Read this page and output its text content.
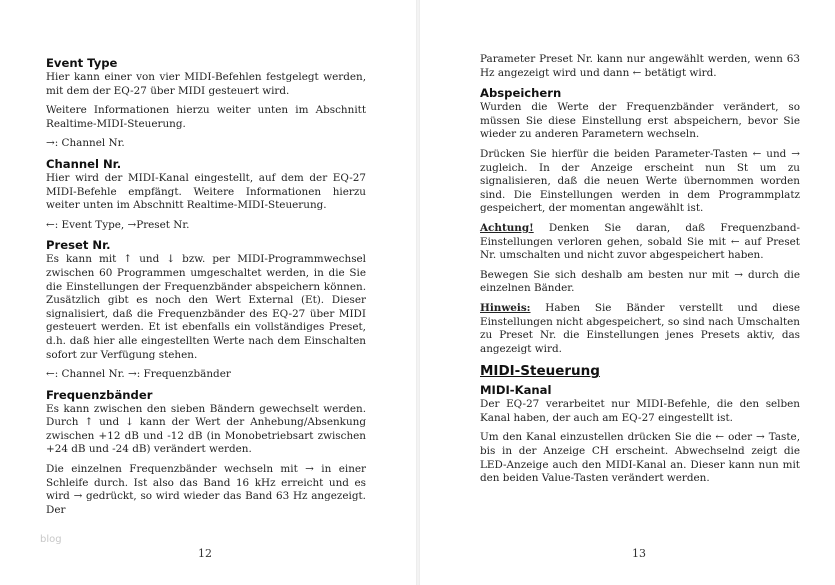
Event Type

Hier kann einer von vier MIDI-Befehlen festgelegt werden, mit dem der EQ-27 über MIDI gesteuert wird.

Weitere Informationen hierzu weiter unten im Abschnitt Realtime-MIDI-Steuerung.

→: Channel Nr.

Channel Nr.

Hier wird der MIDI-Kanal eingestellt, auf dem der EQ-27 MIDI-Befehle empfängt. Weitere Informationen hierzu weiter unten im Abschnitt Realtime-MIDI-Steuerung.

←: Event Type, →Preset Nr.

Preset Nr.

Es kann mit ↑ und ↓ bzw. per MIDI-Programmwechsel zwischen 60 Programmen umgeschaltet werden, in die Sie die Einstellungen der Frequenzbänder abspeichern können. Zusätzlich gibt es noch den Wert External (Et). Dieser signalisiert, daß die Frequenzbänder des EQ-27 über MIDI gesteuert werden. Et ist ebenfalls ein vollständiges Preset, d.h. daß hier alle eingestellten Werte nach dem Einschalten sofort zur Verfügung stehen.

←: Channel Nr. →: Frequenzbänder

Frequenzbänder

Es kann zwischen den sieben Bändern gewechselt werden. Durch ↑ und ↓ kann der Wert der Anhebung/Absenkung zwischen +12 dB und -12 dB (in Monobetriebsart zwischen +24 dB und -24 dB) verändert werden.

Die einzelnen Frequenzbänder wechseln mit → in einer Schleife durch. Ist also das Band 16 kHz erreicht und es wird → gedrückt, so wird wieder das Band 63 Hz angezeigt. Der

blog
12

Parameter Preset Nr. kann nur angewählt werden, wenn 63 Hz angezeigt wird und dann ← betätigt wird.

Abspeichern

Wurden die Werte der Frequenzbänder verändert, so müssen Sie diese Einstellung erst abspeichern, bevor Sie wieder zu anderen Parametern wechseln.

Drücken Sie hierfür die beiden Parameter-Tasten ← und → zugleich. In der Anzeige erscheint nun St um zu signalisieren, daß die neuen Werte übernommen worden sind. Die Einstellungen werden in dem Programmplatz gespeichert, der momentan angewählt ist.

Achtung! Denken Sie daran, daß Frequenzband-Einstellungen verloren gehen, sobald Sie mit ← auf Preset Nr. umschalten und nicht zuvor abgespeichert haben.

Bewegen Sie sich deshalb am besten nur mit → durch die einzelnen Bänder.

Hinweis: Haben Sie Bänder verstellt und diese Einstellungen nicht abgespeichert, so sind nach Umschalten zu Preset Nr. die Einstellungen jenes Presets aktiv, das angezeigt wird.

MIDI-Steuerung
MIDI-Kanal

Der EQ-27 verarbeitet nur MIDI-Befehle, die den selben Kanal haben, der auch am EQ-27 eingestellt ist.

Um den Kanal einzustellen drücken Sie die ← oder → Taste, bis in der Anzeige CH erscheint. Abwechselnd zeigt die LED-Anzeige auch den MIDI-Kanal an. Dieser kann nun mit den beiden Value-Tasten verändert werden.

13
